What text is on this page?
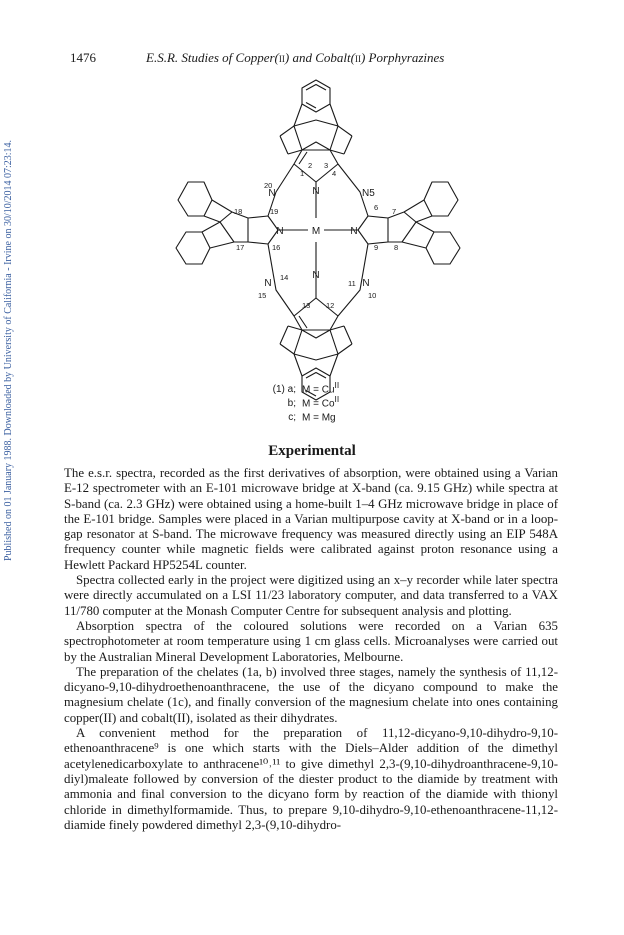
Published on 01 January 1988. Downloaded by University of California - Irvine on 30/10/2014 07:23:14.
1476	E.S.R. Studies of Copper(ii) and Cobalt(ii) Porphyrazines
M
N
N
N	N
N	N5
N
N
1
2 3
4
6 7
8
9
10
11
12
13
14
15
16
17
18	19
20
(1) a; $M = Cu^{II}$
b; $M = Co^{II}$
c; M = Mg
Experimental

The e.s.r. spectra, recorded as the first derivatives of absorption, were obtained using a Varian E-12 spectrometer with an E-101 microwave bridge at X-band (ca. 9.15 GHz) while spectra at S-band (ca. 2.3 GHz) were obtained using a home-built 1–4 GHz microwave bridge in place of the E-101 bridge. Samples were placed in a Varian multipurpose cavity at X-band or in a loop-gap resonator at S-band. The microwave frequency was measured directly using an EIP 548A frequency counter while magnetic fields were calibrated against proton resonance using a Hewlett Packard HP5254L counter.

Spectra collected early in the project were digitized using an x–y recorder while later spectra were directly accumulated on a LSI 11/23 laboratory computer, and data transferred to a VAX 11/780 computer at the Monash Computer Centre for subsequent analysis and plotting.

Absorption spectra of the coloured solutions were recorded on a Varian 635 spectrophotometer at room temperature using 1 cm glass cells. Microanalyses were carried out by the Australian Mineral Development Laboratories, Melbourne.

The preparation of the chelates (1a, b) involved three stages, namely the synthesis of 11,12-dicyano-9,10-dihydroethenoanthracene, the use of the dicyano compound to make the magnesium chelate (1c), and finally conversion of the magnesium chelate into ones containing copper(II) and cobalt(II), isolated as their dihydrates.

A convenient method for the preparation of 11,12-dicyano-9,10-dihydro-9,10-ethenoanthracene⁹ is one which starts with the Diels–Alder addition of the dimethyl acetylenedicarboxylate to anthracene¹⁰˒¹¹ to give dimethyl 2,3-(9,10-dihydroanthracene-9,10-diyl)maleate followed by conversion of the diester product to the diamide by treatment with ammonia and final conversion to the dicyano form by reaction of the diamide with thionyl chloride in dimethylformamide. Thus, to prepare 9,10-dihydro-9,10-ethenoanthracene-11,12-diamide finely powdered dimethyl 2,3-(9,10-dihydro-
